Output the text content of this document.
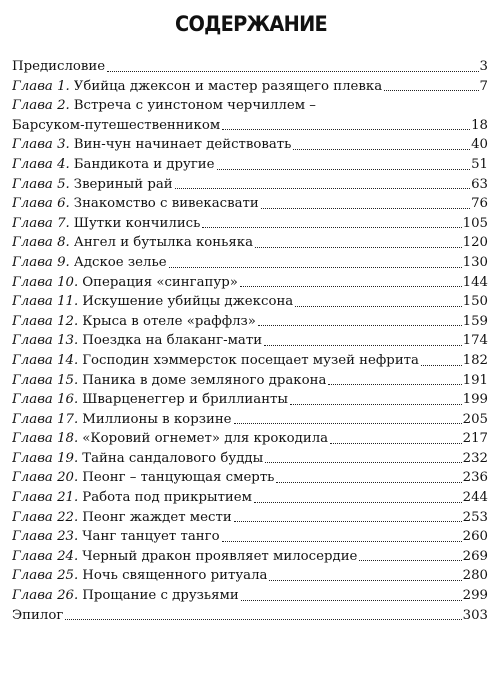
СОДЕРЖАНИЕ
Предисловие	3
Глава 1. Убийца джексон и мастер разящего плевка	7
Глава 2. Встреча с уинстоном черчиллем –
Барсуком-путешественником	18
Глава 3. Вин-чун начинает действовать	40
Глава 4. Бандикота и другие	51
Глава 5. Звериный рай	63
Глава 6. Знакомство с вивекасвати	76
Глава 7. Шутки кончились	105
Глава 8. Ангел и бутылка коньяка	120
Глава 9. Адское зелье	130
Глава 10. Операция «сингапур»	144
Глава 11. Искушение убийцы джексона	150
Глава 12. Крыса в отеле «раффлз»	159
Глава 13. Поездка на блаканг-мати	174
Глава 14. Господин хэммерсток посещает музей нефрита	182
Глава 15. Паника в доме земляного дракона	191
Глава 16. Шварценеггер и бриллианты	199
Глава 17. Миллионы в корзине	205
Глава 18. «Коровий огнемет» для крокодила	217
Глава 19. Тайна сандалового будды	232
Глава 20. Пеонг – танцующая смерть	236
Глава 21. Работа под прикрытием	244
Глава 22. Пеонг жаждет мести	253
Глава 23. Чанг танцует танго	260
Глава 24. Черный дракон проявляет милосердие	269
Глава 25. Ночь священного ритуала	280
Глава 26. Прощание с друзьями	299
Эпилог	303
